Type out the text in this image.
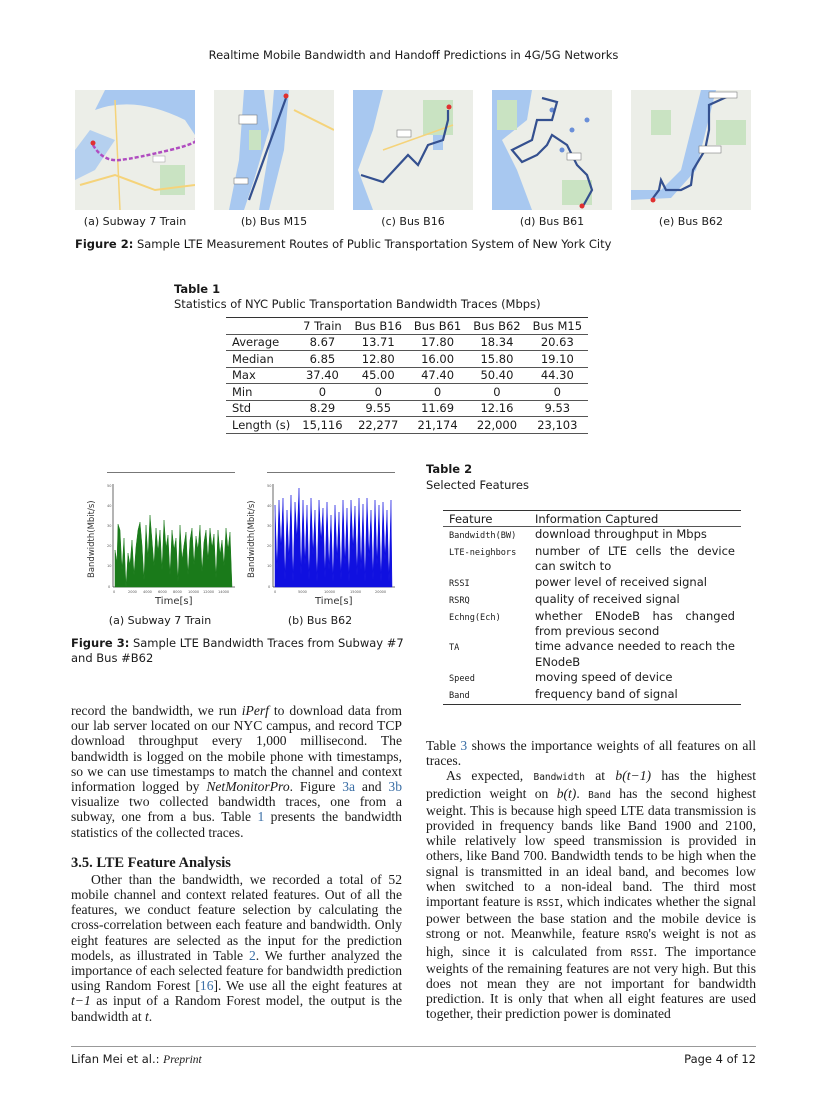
Realtime Mobile Bandwidth and Handoff Predictions in 4G/5G Networks
(a) Subway 7 Train	(b) Bus M15	(c) Bus B16	(d) Bus B61	(e) Bus B62
Figure 2: Sample LTE Measurement Routes of Public Transportation System of New York City
Table 1
Statistics of NYC Public Transportation Bandwidth Traces (Mbps)
	7 Train	Bus B16	Bus B61	Bus B62	Bus M15
Average	8.67	13.71	17.80	18.34	20.63
Median	6.85	12.80	16.00	15.80	19.10
Max	37.40	45.00	47.40	50.40	44.30
Min	0	0	0	0	0
Std	8.29	9.55	11.69	12.16	9.53
Length (s)	15,116	22,277	21,174	22,000	23,103
Bandwidth(Mbit/s)
0
10
20
30
40
50
0	2000 4000 6000 8000 10000 12000 14000
Time[s]
Bandwidth(Mbit/s)
0
10
20
30
40
50
0	5000	10000	15000	20000
Time[s]
(a) Subway 7 Train	(b) Bus B62
Figure 3: Sample LTE Bandwidth Traces from Subway #7 and Bus #B62
Table 2
Selected Features
Feature	Information Captured
Bandwidth(BW)	download throughput in Mbps
LTE-neighbors	number of LTE cells the device can switch to
RSSI	power level of received signal
RSRQ	quality of received signal
Echng(Ech)	whether ENodeB has changed from previous second
TA	time advance needed to reach the ENodeB
Speed	moving speed of device
Band	frequency band of signal

record the bandwidth, we run iPerf to download data from our lab server located on our NYC campus, and record TCP download throughput every 1,000 millisecond. The bandwidth is logged on the mobile phone with timestamps, so we can use timestamps to match the channel and context information logged by NetMonitorPro. Figure 3a and 3b visualize two collected bandwidth traces, one from a subway, one from a bus. Table 1 presents the bandwidth statistics of the collected traces.

3.5. LTE Feature Analysis

Other than the bandwidth, we recorded a total of 52 mobile channel and context related features. Out of all the features, we conduct feature selection by calculating the cross-correlation between each feature and bandwidth. Only eight features are selected as the input for the prediction models, as illustrated in Table 2. We further analyzed the importance of each selected feature for bandwidth prediction using Random Forest [16]. We use all the eight features at t−1 as input of a Random Forest model, the output is the bandwidth at t.

Table 3 shows the importance weights of all features on all traces.

As expected, Bandwidth at b(t−1) has the highest prediction weight on b(t). Band has the second highest weight. This is because high speed LTE data transmission is provided in frequency bands like Band 1900 and 2100, while relatively low speed transmission is provided in others, like Band 700. Bandwidth tends to be high when the signal is transmitted in an ideal band, and becomes low when switched to a non-ideal band. The third most important feature is RSSI, which indicates whether the signal power between the base station and the mobile device is strong or not. Meanwhile, feature RSRQ's weight is not as high, since it is calculated from RSSI. The importance weights of the remaining features are not very high. But this does not mean they are not important for bandwidth prediction. It is only that when all eight features are used together, their prediction power is dominated

Lifan Mei et al.: Preprint	Page 4 of 12
